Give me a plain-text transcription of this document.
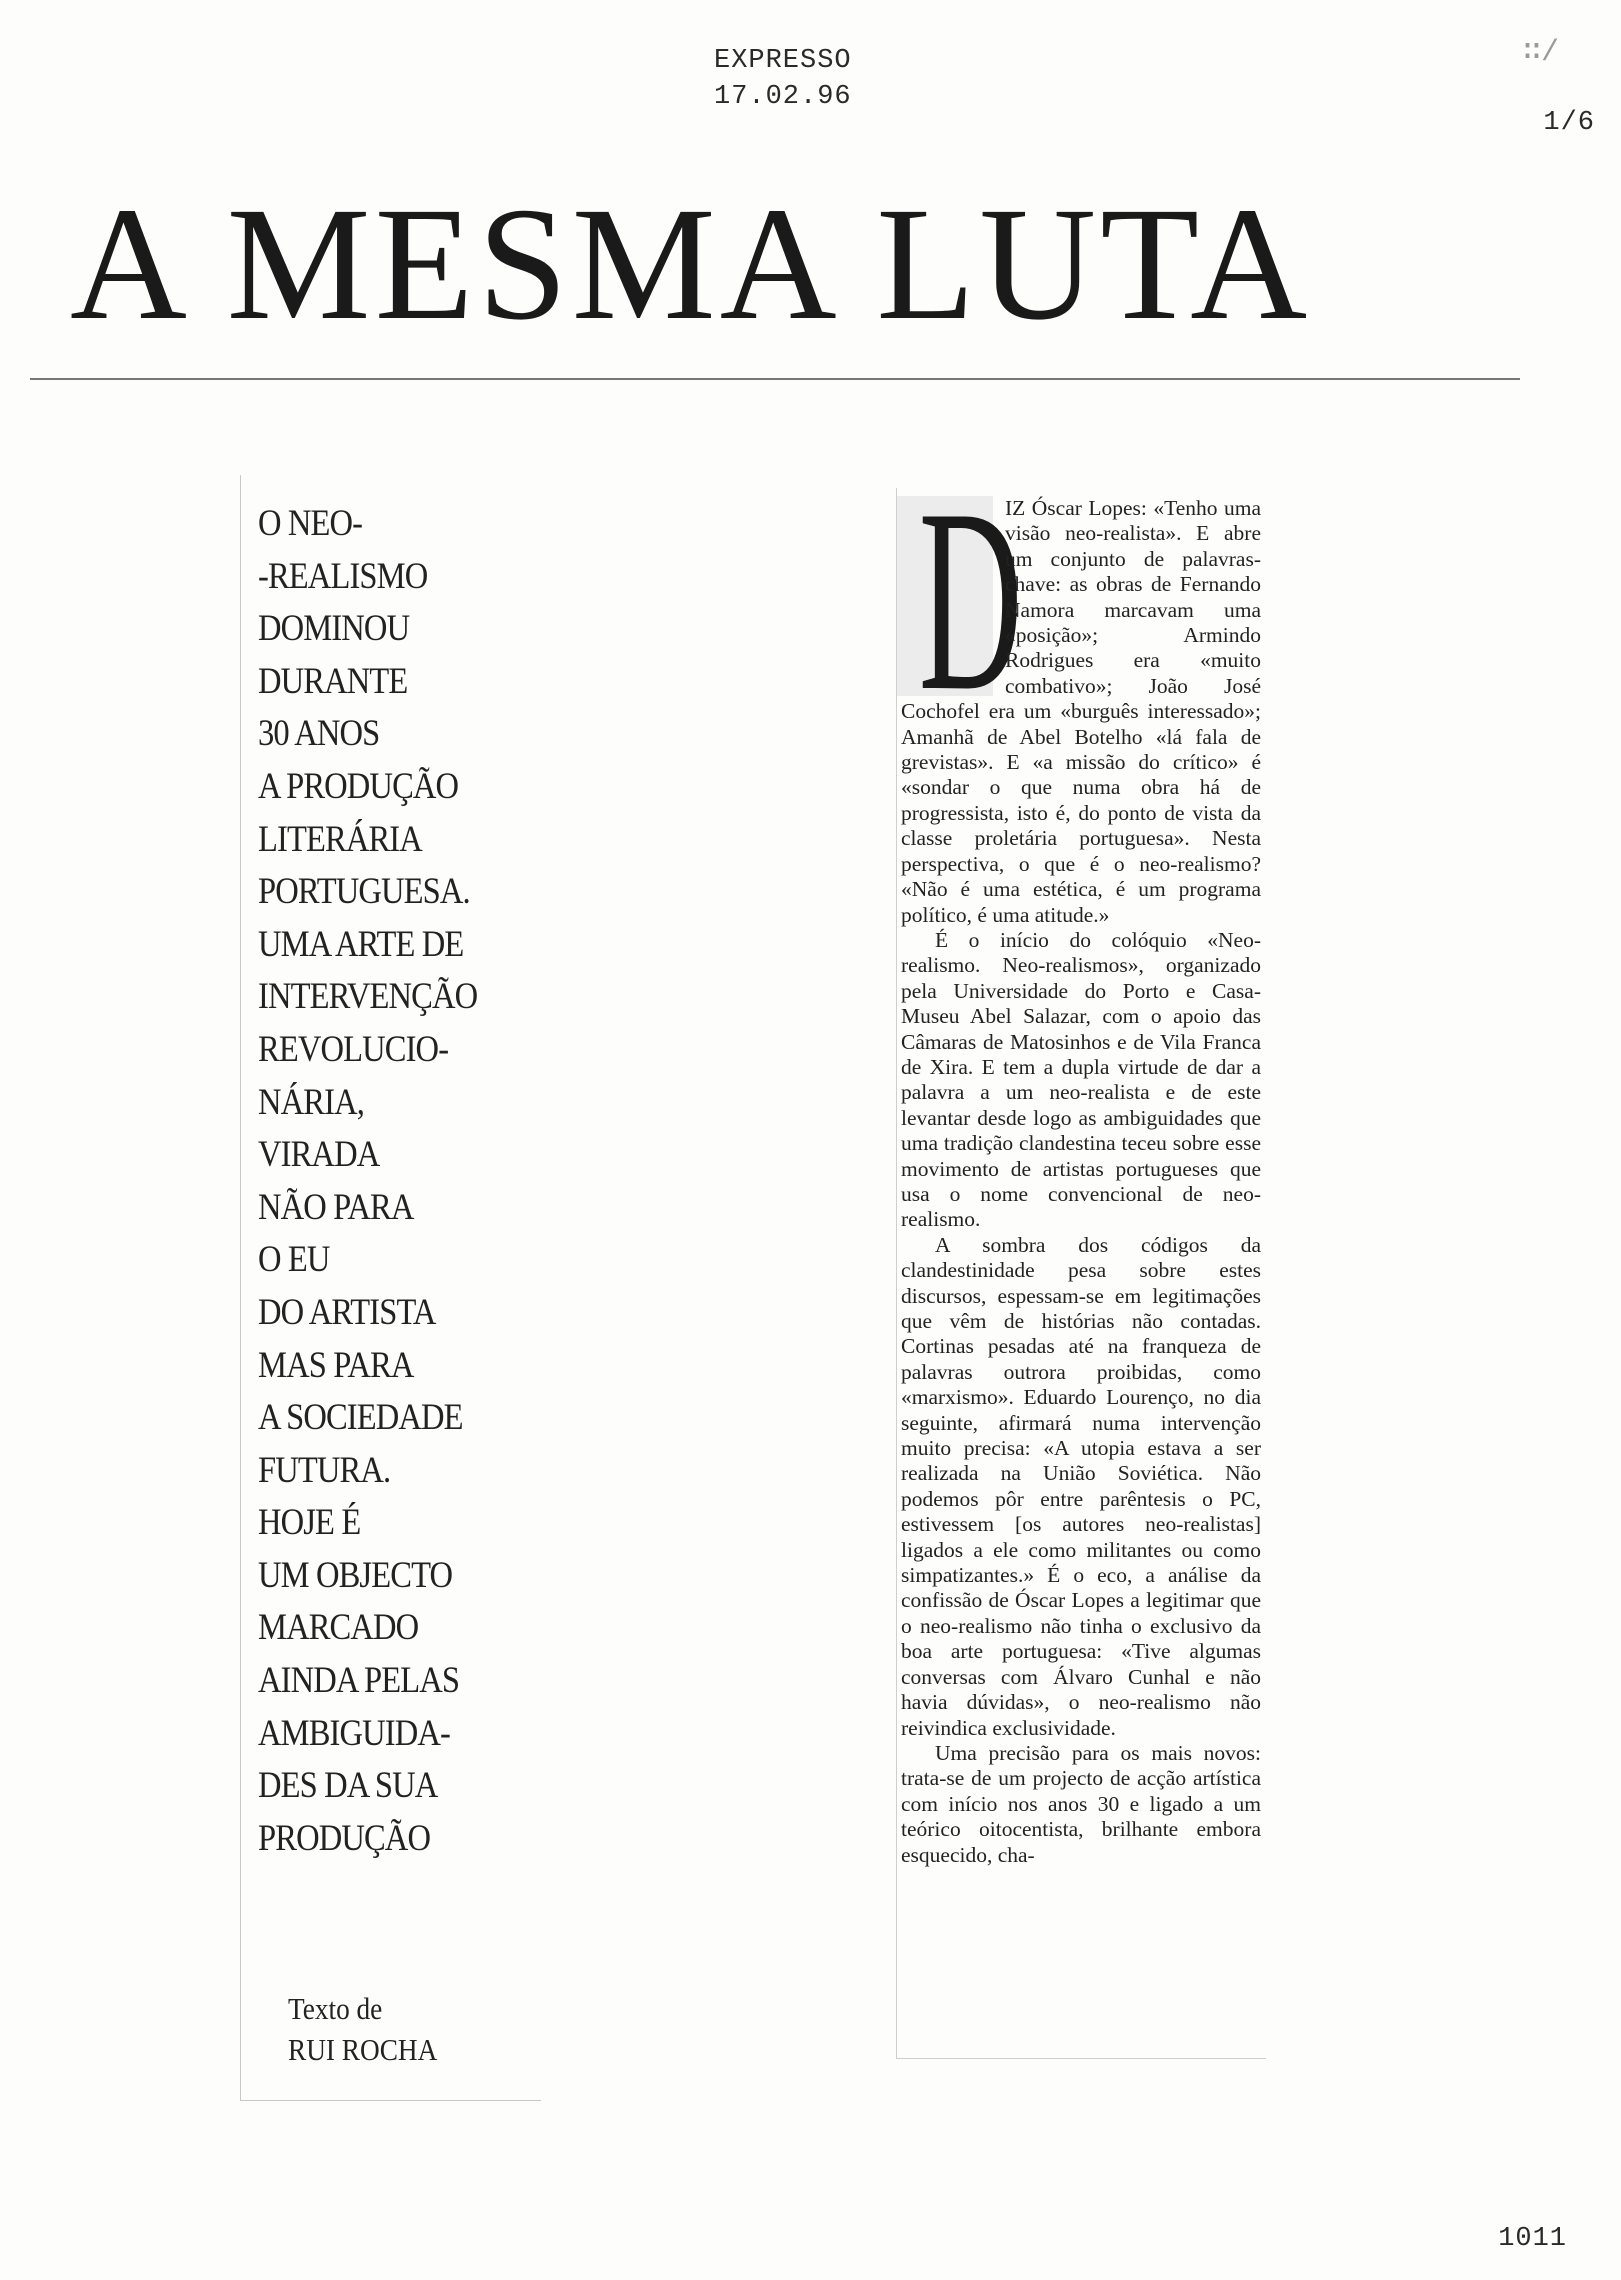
EXPRESSO
17.02.96
∷/
1/6
A MESMA LUTA
O NEO-
-REALISMO
DOMINOU
DURANTE
30 ANOS
A PRODUÇÃO
LITERÁRIA
PORTUGUESA.
UMA ARTE DE
INTERVENÇÃO
REVOLUCIO-
NÁRIA,
VIRADA
NÃO PARA
O EU
DO ARTISTA
MAS PARA
A SOCIEDADE
FUTURA.
HOJE É
UM OBJECTO
MARCADO
AINDA PELAS
AMBIGUIDA-
DES DA SUA
PRODUÇÃO
Texto de
RUI ROCHA
D

IZ Óscar Lopes: «Tenho uma visão neo-realista». E abre um conjunto de palavras-chave: as obras de Fernando Namora marcavam uma «posição»; Armindo Rodrigues era «muito combativo»; João José Cochofel era um «burguês interessado»; Amanhã de Abel Botelho «lá fala de grevistas». E «a missão do crítico» é «sondar o que numa obra há de progressista, isto é, do ponto de vista da classe proletária portuguesa». Nesta perspectiva, o que é o neo-realismo? «Não é uma estética, é um programa político, é uma atitude.»

É o início do colóquio «Neo-realismo. Neo-realismos», organizado pela Universidade do Porto e Casa-Museu Abel Salazar, com o apoio das Câmaras de Matosinhos e de Vila Franca de Xira. E tem a dupla virtude de dar a palavra a um neo-realista e de este levantar desde logo as ambiguidades que uma tradição clandestina teceu sobre esse movimento de artistas portugueses que usa o nome convencional de neo-realismo.

A sombra dos códigos da clandestinidade pesa sobre estes discursos, espessam-se em legitimações que vêm de histórias não contadas. Cortinas pesadas até na franqueza de palavras outrora proibidas, como «marxismo». Eduardo Lourenço, no dia seguinte, afirmará numa intervenção muito precisa: «A utopia estava a ser realizada na União Soviética. Não podemos pôr entre parêntesis o PC, estivessem [os autores neo-realistas] ligados a ele como militantes ou como simpatizantes.» É o eco, a análise da confissão de Óscar Lopes a legitimar que o neo-realismo não tinha o exclusivo da boa arte portuguesa: «Tive algumas conversas com Álvaro Cunhal e não havia dúvidas», o neo-realismo não reivindica exclusividade.

Uma precisão para os mais novos: trata-se de um projecto de acção artística com início nos anos 30 e ligado a um teórico oitocentista, brilhante embora esquecido, cha-

1011
